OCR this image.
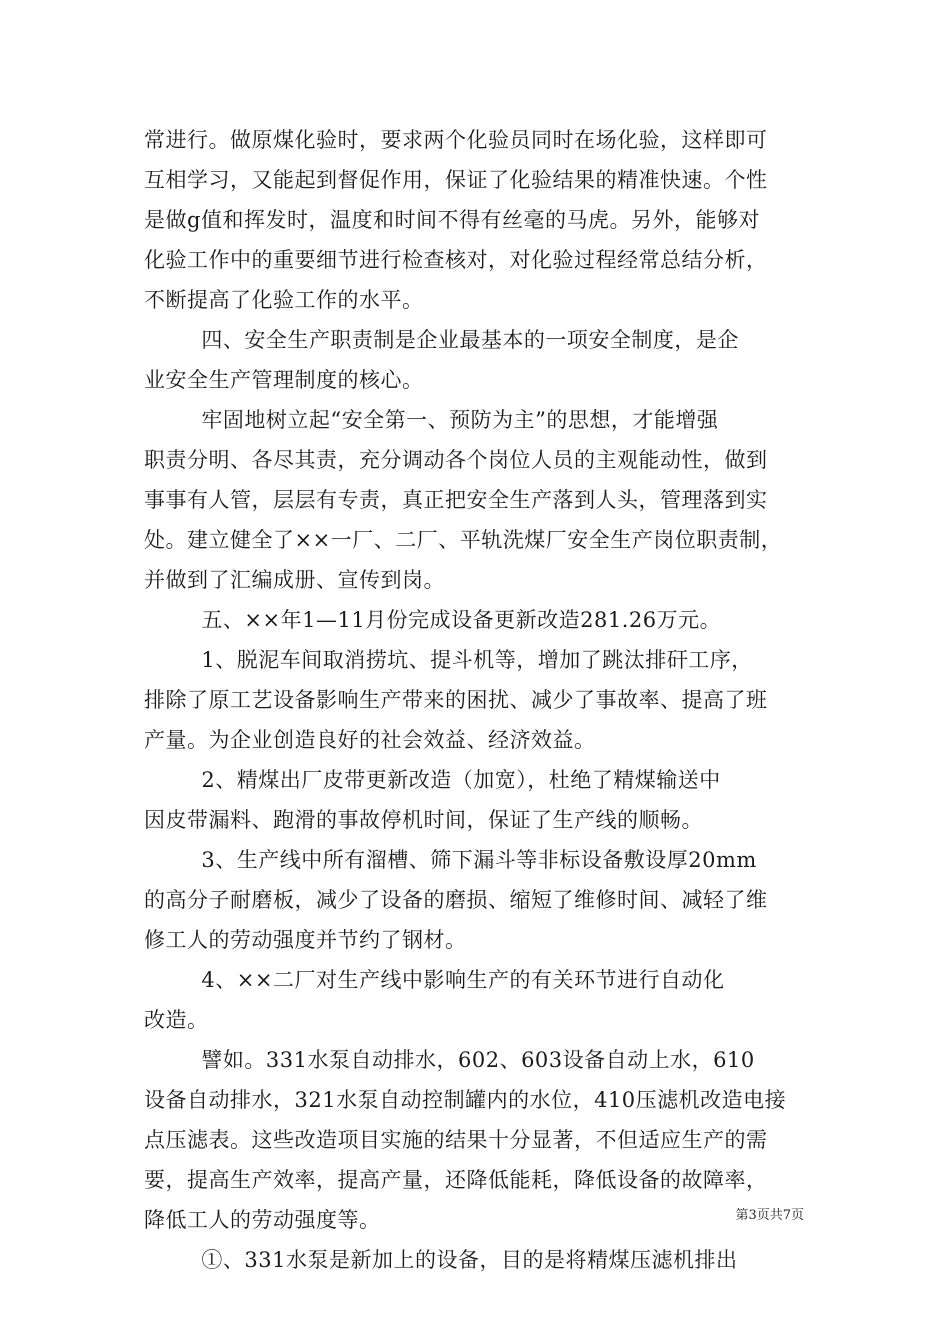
常进行。做原煤化验时，要求两个化验员同时在场化验，这样即可
互相学习，又能起到督促作用，保证了化验结果的精准快速。个性
是做g值和挥发时，温度和时间不得有丝毫的马虎。另外，能够对
化验工作中的重要细节进行检查核对，对化验过程经常总结分析，
不断提高了化验工作的水平。
四、安全生产职责制是企业最基本的一项安全制度，是企
业安全生产管理制度的核心。
牢固地树立起“安全第一、预防为主”的思想，才能增强
职责分明、各尽其责，充分调动各个岗位人员的主观能动性，做到
事事有人管，层层有专责，真正把安全生产落到人头，管理落到实
处。建立健全了××一厂、二厂、平轨洗煤厂安全生产岗位职责制，
并做到了汇编成册、宣传到岗。
五、××年1—11月份完成设备更新改造281.26万元。
1、脱泥车间取消捞坑、提斗机等，增加了跳汰排矸工序，
排除了原工艺设备影响生产带来的困扰、减少了事故率、提高了班
产量。为企业创造良好的社会效益、经济效益。
2、精煤出厂皮带更新改造（加宽），杜绝了精煤输送中
因皮带漏料、跑滑的事故停机时间，保证了生产线的顺畅。
3、生产线中所有溜槽、筛下漏斗等非标设备敷设厚20mm
的高分子耐磨板，减少了设备的磨损、缩短了维修时间、减轻了维
修工人的劳动强度并节约了钢材。
4、××二厂对生产线中影响生产的有关环节进行自动化
改造。
譬如。331水泵自动排水，602、603设备自动上水，610
设备自动排水，321水泵自动控制罐内的水位，410压滤机改造电接
点压滤表。这些改造项目实施的结果十分显著，不但适应生产的需
要，提高生产效率，提高产量，还降低能耗，降低设备的故障率，
降低工人的劳动强度等。
①、331水泵是新加上的设备，目的是将精煤压滤机排出
第3页共7页
